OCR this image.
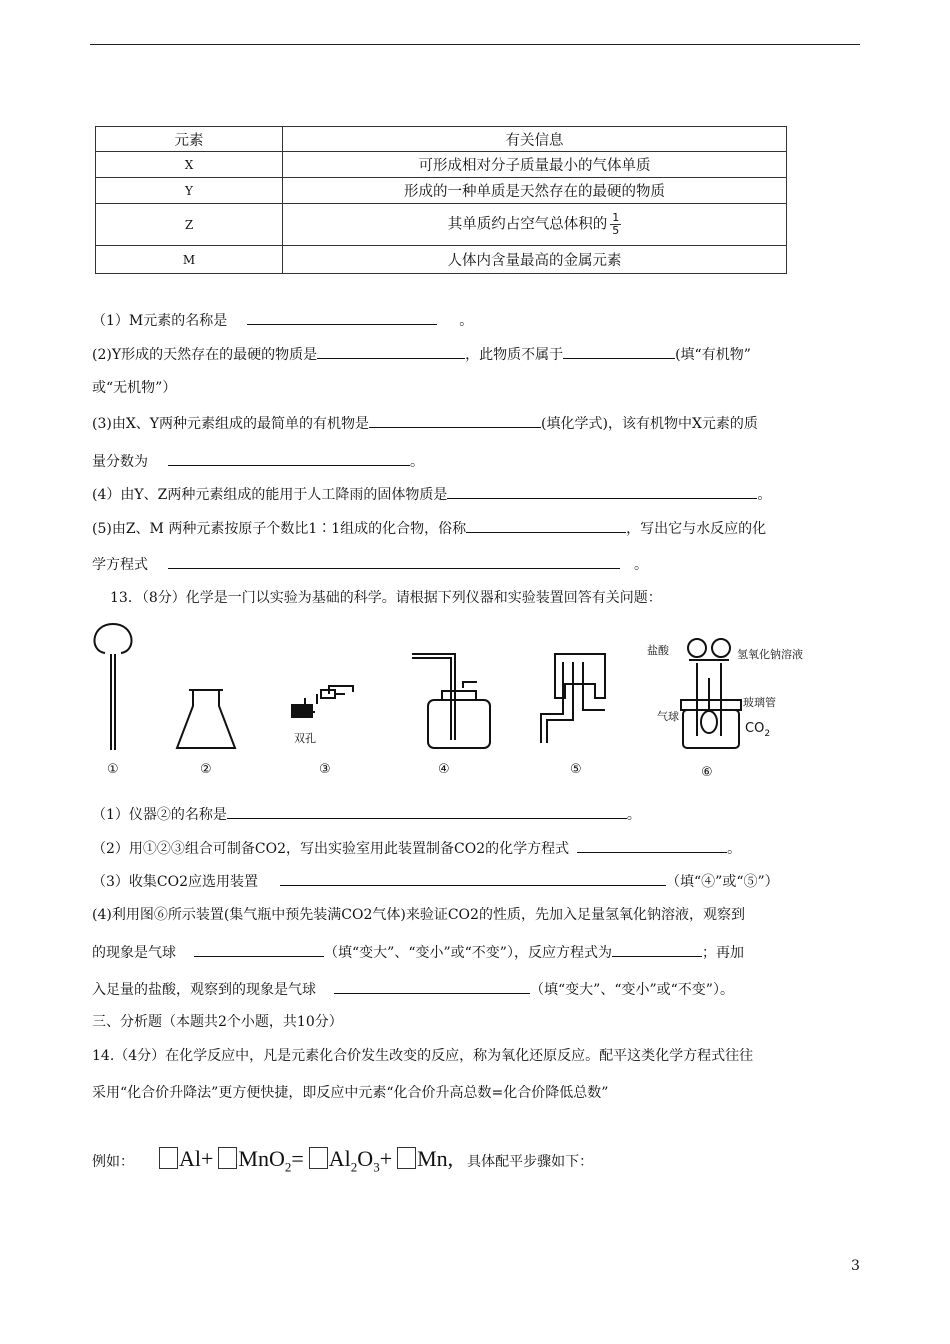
元素	有关信息
X	可形成相对分子质量最小的气体单质
Y	形成的一种单质是天然存在的最硬的物质
Z	其单质约占空气总体积的 $\frac{1}{5}$

M	人体内含量最高的金属元素
（1）M元素的名称是	。
(2)Y形成的天然存在的最硬的物质是	，此物质不属于	(填“有机物”
或“无机物”）
(3)由X、Y两种元素组成的最简单的有机物是	(填化学式)，该有机物中X元素的质
量分数为	。
(4）由Y、Z两种元素组成的能用于人工降雨的固体物质是	。
(5)由Z、M 两种元素按原子个数比1∶1组成的化合物，俗称	，写出它与水反应的化
学方程式	。
13．（8分）化学是一门以实验为基础的科学。请根据下列仪器和实验装置回答有关问题：
双孔
盐酸	氢氧化钠溶液
玻璃管
气球
$CO_2$
①	②	③	④	⑤	⑥
（1）仪器②的名称是	。
（2）用①②③组合可制备CO2，写出实验室用此装置制备CO2的化学方程式	。
（3）收集CO2应选用装置	（填“④”或“⑤”）
(4)利用图⑥所示装置(集气瓶中预先装满CO2气体)来验证CO2的性质，先加入足量氢氧化钠溶液，观察到
的现象是气球	（填“变大”、“变小”或“不变”），反应方程式为	；再加
入足量的盐酸，观察到的现象是气球	（填“变大”、“变小”或“不变”）。
三、分析题（本题共2个小题，共10分）
14.（4分）在化学反应中，凡是元素化合价发生改变的反应，称为氧化还原反应。配平这类化学方程式往往
采用“化合价升降法”更方便快捷，即反应中元素“化合价升高总数=化合价降低总数”
例如： $Al+ MnO_2= Al_2O_3+ Mn$, 具体配平步骤如下：
3
